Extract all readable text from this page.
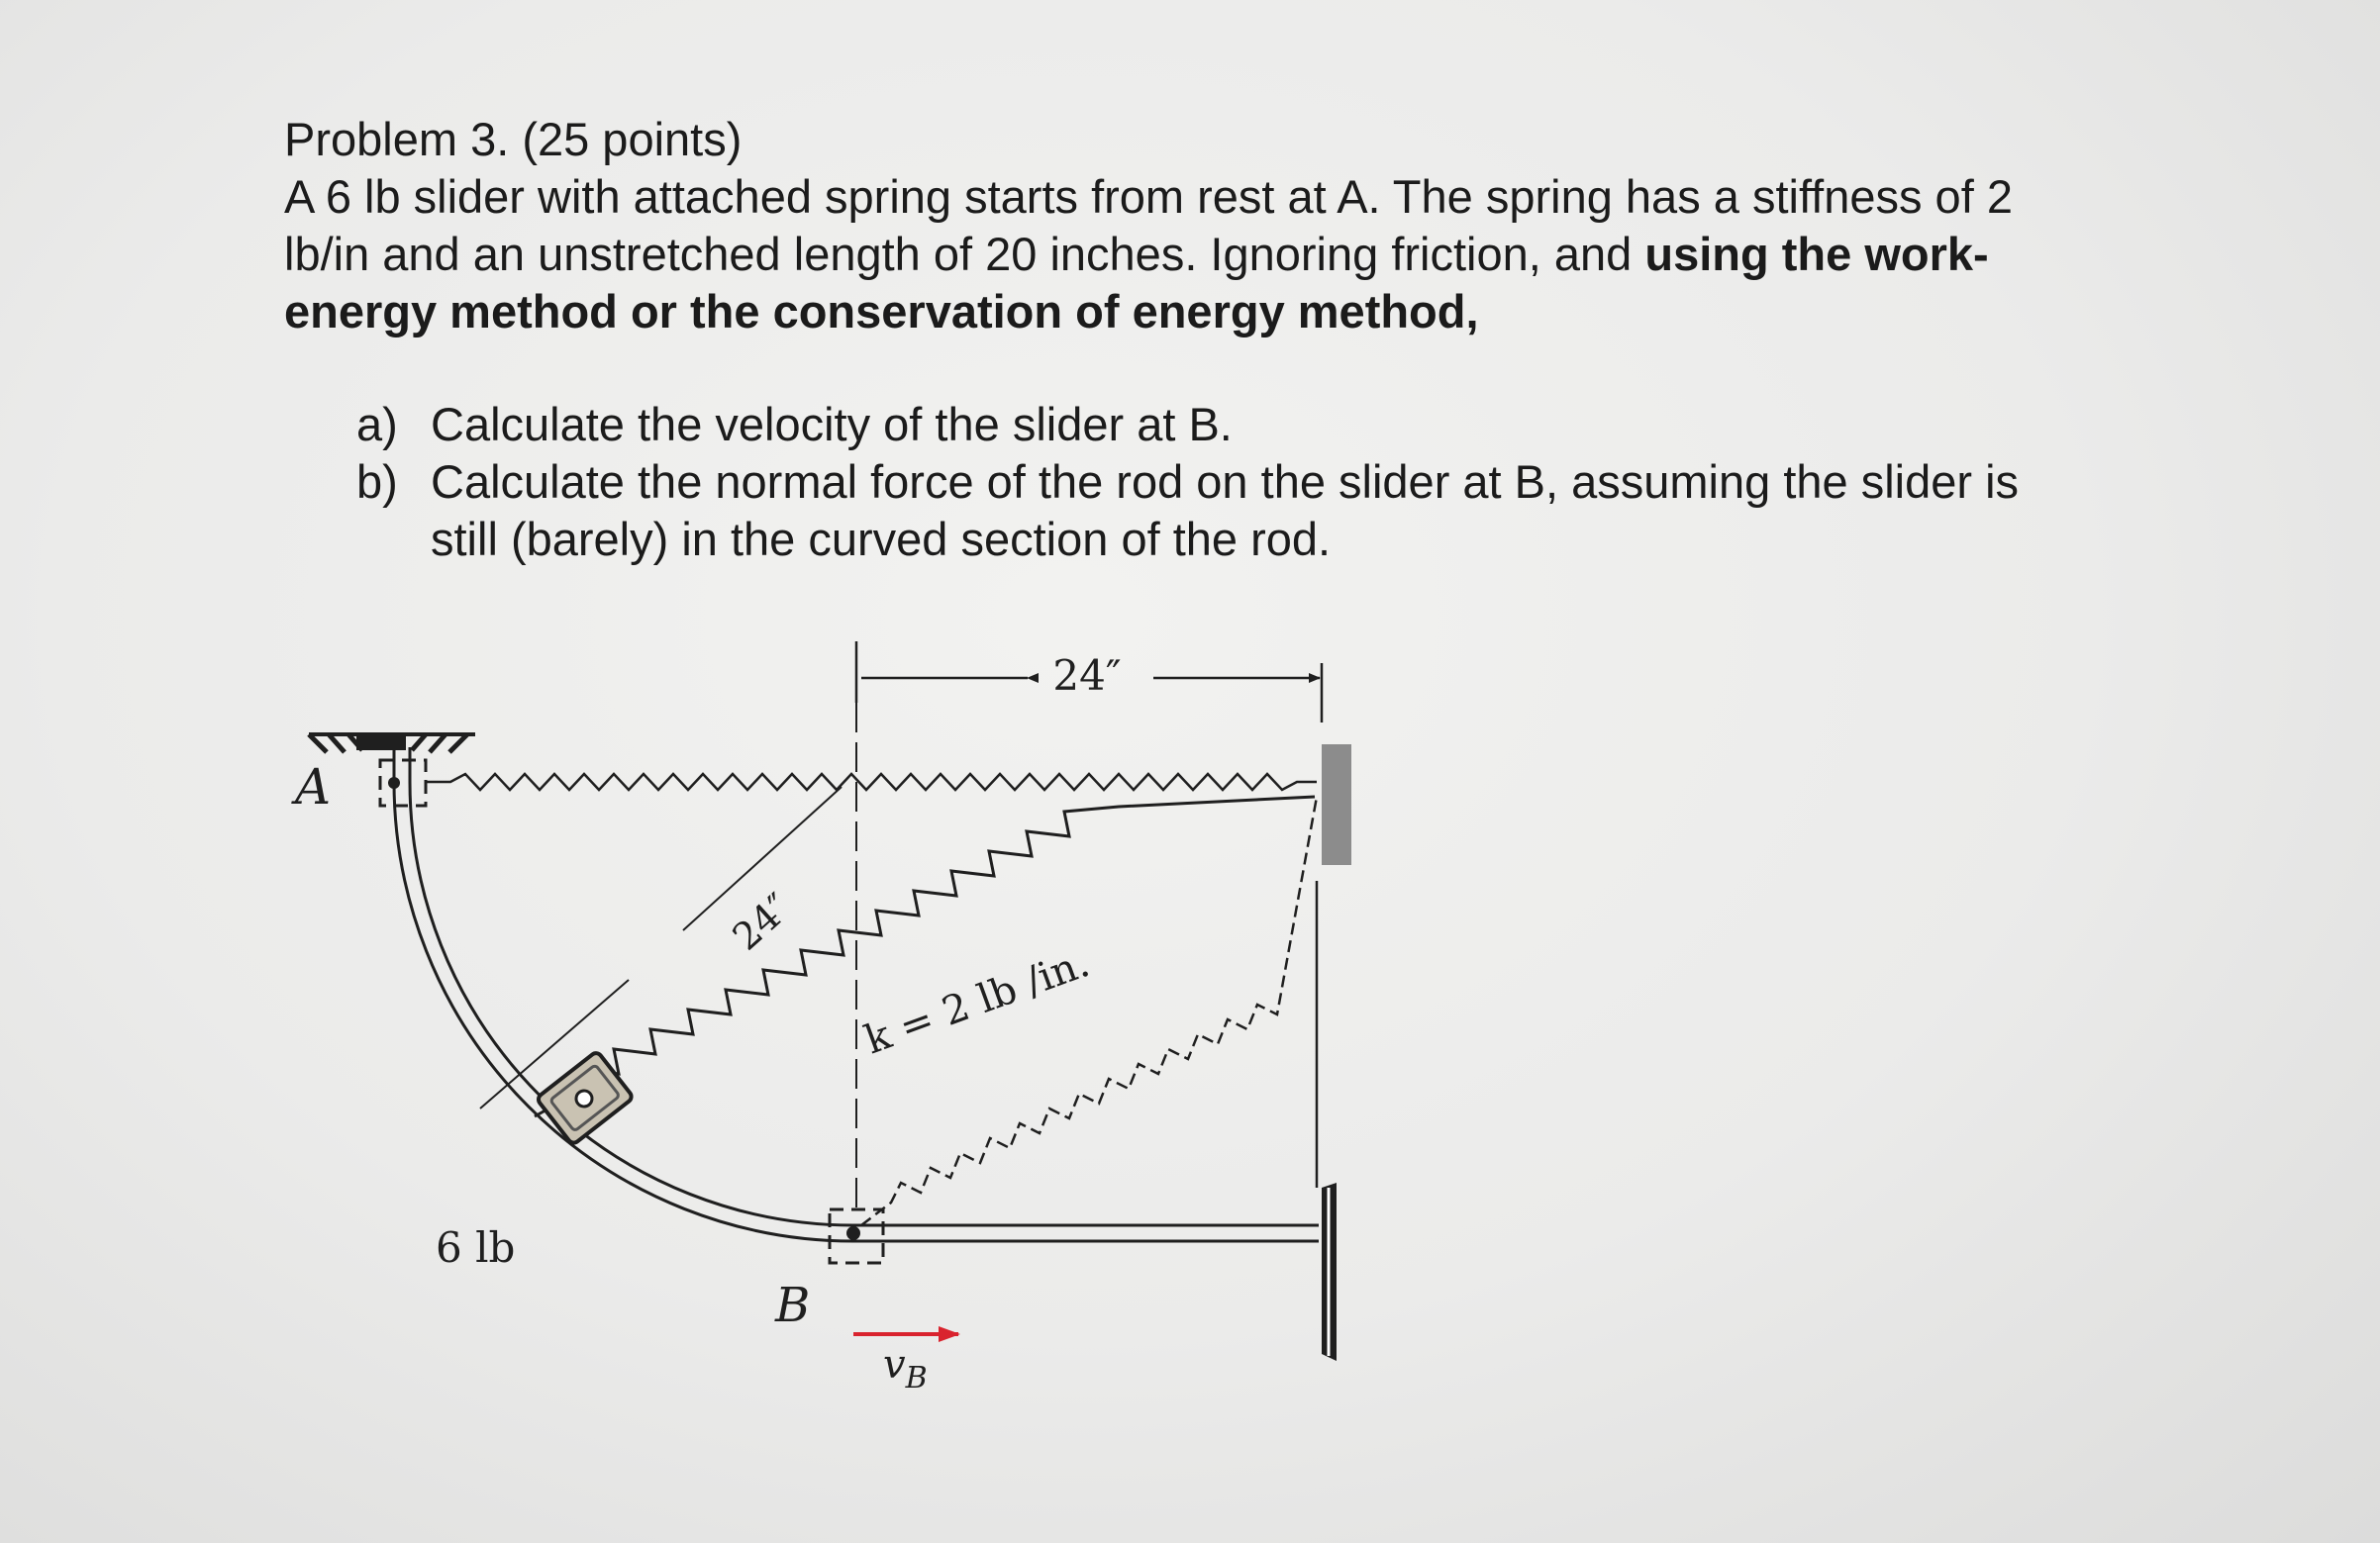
Problem 3. (25 points)

A 6 lb slider with attached spring starts from rest at A. The spring has a stiffness of 2 lb/in and an unstretched length of 20 inches. Ignoring friction, and using the work-energy method or the conservation of energy method,

a) Calculate the velocity of the slider at B.
b) Calculate the normal force of the rod on the slider at B, assuming the slider is still (barely) in the curved section of the rod.
24″
24″
A
6 lb
B
k = 2 lb /in.
$v_B$
